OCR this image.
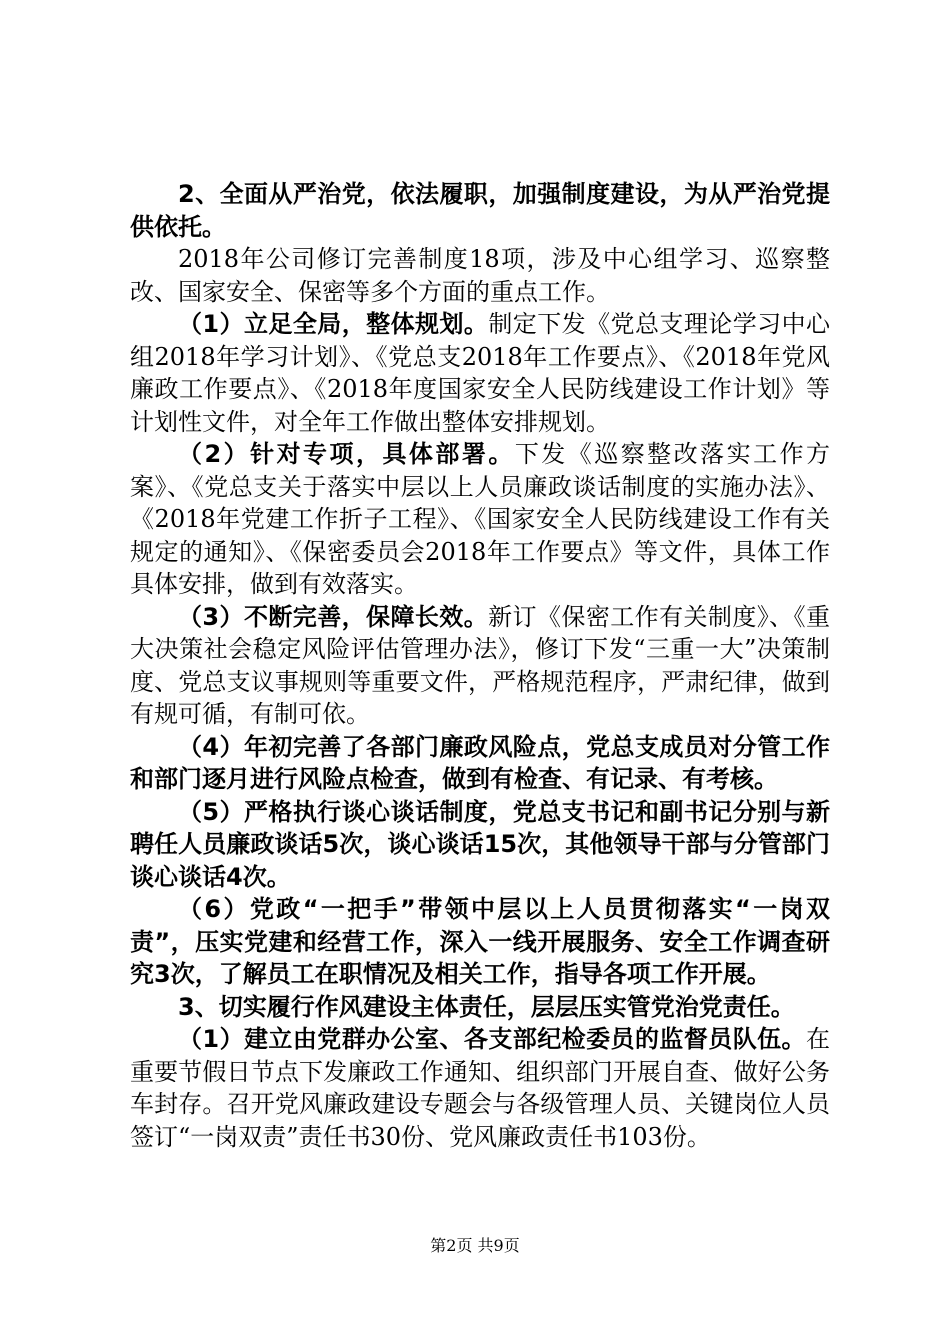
2、全面从严治党，依法履职，加强制度建设，为从严治党提供依托。

2018年公司修订完善制度18项，涉及中心组学习、巡察整改、国家安全、保密等多个方面的重点工作。

（1）立足全局，整体规划。制定下发《党总支理论学习中心组2018年学习计划》、《党总支2018年工作要点》、《2018年党风廉政工作要点》、《2018年度国家安全人民防线建设工作计划》等计划性文件，对全年工作做出整体安排规划。

（2）针对专项，具体部署。下发《巡察整改落实工作方案》、《党总支关于落实中层以上人员廉政谈话制度的实施办法》、《2018年党建工作折子工程》、《国家安全人民防线建设工作有关规定的通知》、《保密委员会2018年工作要点》等文件，具体工作具体安排，做到有效落实。

（3）不断完善，保障长效。新订《保密工作有关制度》、《重大决策社会稳定风险评估管理办法》，修订下发“三重一大”决策制度、党总支议事规则等重要文件，严格规范程序，严肃纪律，做到有规可循，有制可依。

（4）年初完善了各部门廉政风险点，党总支成员对分管工作和部门逐月进行风险点检查，做到有检查、有记录、有考核。

（5）严格执行谈心谈话制度，党总支书记和副书记分别与新聘任人员廉政谈话5次，谈心谈话15次，其他领导干部与分管部门谈心谈话4次。

（6）党政“一把手”带领中层以上人员贯彻落实“一岗双责”，压实党建和经营工作，深入一线开展服务、安全工作调查研究3次，了解员工在职情况及相关工作，指导各项工作开展。

3、切实履行作风建设主体责任，层层压实管党治党责任。

（1）建立由党群办公室、各支部纪检委员的监督员队伍。在重要节假日节点下发廉政工作通知、组织部门开展自查、做好公务车封存。召开党风廉政建设专题会与各级管理人员、关键岗位人员签订“一岗双责”责任书30份、党风廉政责任书103份。

第2页 共9页
